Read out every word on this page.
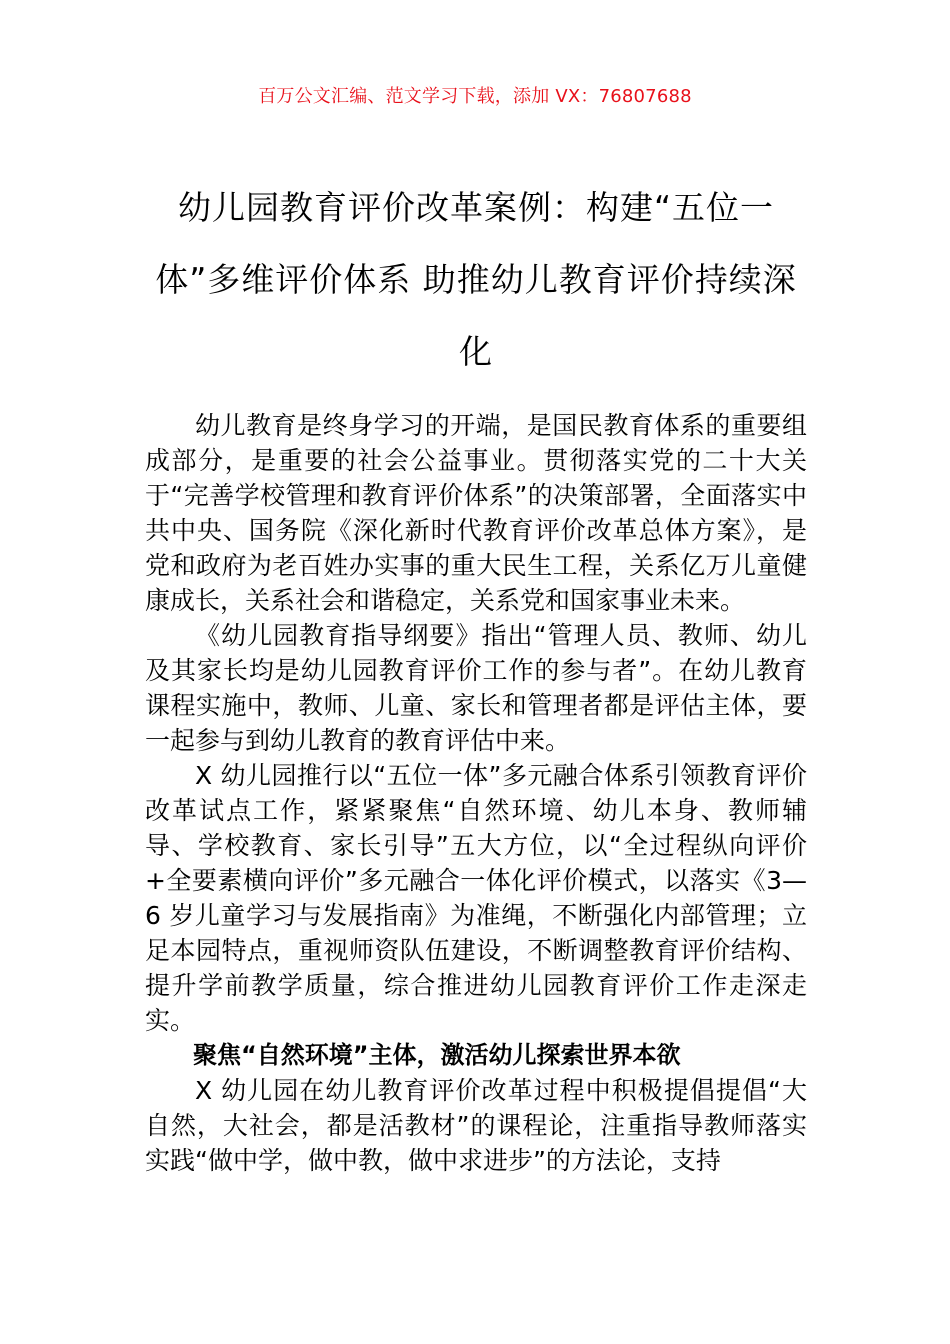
百万公文汇编、范文学习下载，添加 VX：76807688
幼儿园教育评价改革案例：构建“五位一体”多维评价体系 助推幼儿教育评价持续深化

幼儿教育是终身学习的开端，是国民教育体系的重要组成部分，是重要的社会公益事业。贯彻落实党的二十大关于“完善学校管理和教育评价体系”的决策部署，全面落实中共中央、国务院《深化新时代教育评价改革总体方案》，是党和政府为老百姓办实事的重大民生工程，关系亿万儿童健康成长，关系社会和谐稳定，关系党和国家事业未来。

《幼儿园教育指导纲要》指出“管理人员、教师、幼儿及其家长均是幼儿园教育评价工作的参与者”。在幼儿教育课程实施中，教师、儿童、家长和管理者都是评估主体，要一起参与到幼儿教育的教育评估中来。

X 幼儿园推行以“五位一体”多元融合体系引领教育评价改革试点工作，紧紧聚焦“自然环境、幼儿本身、教师辅导、学校教育、家长引导”五大方位，以“全过程纵向评价+全要素横向评价”多元融合一体化评价模式，以落实《3—6 岁儿童学习与发展指南》为准绳，不断强化内部管理；立足本园特点，重视师资队伍建设，不断调整教育评价结构、提升学前教学质量，综合推进幼儿园教育评价工作走深走实。

聚焦“自然环境”主体，激活幼儿探索世界本欲

X 幼儿园在幼儿教育评价改革过程中积极提倡提倡“大自然，大社会，都是活教材”的课程论，注重指导教师落实实践“做中学，做中教，做中求进步”的方法论，支持
